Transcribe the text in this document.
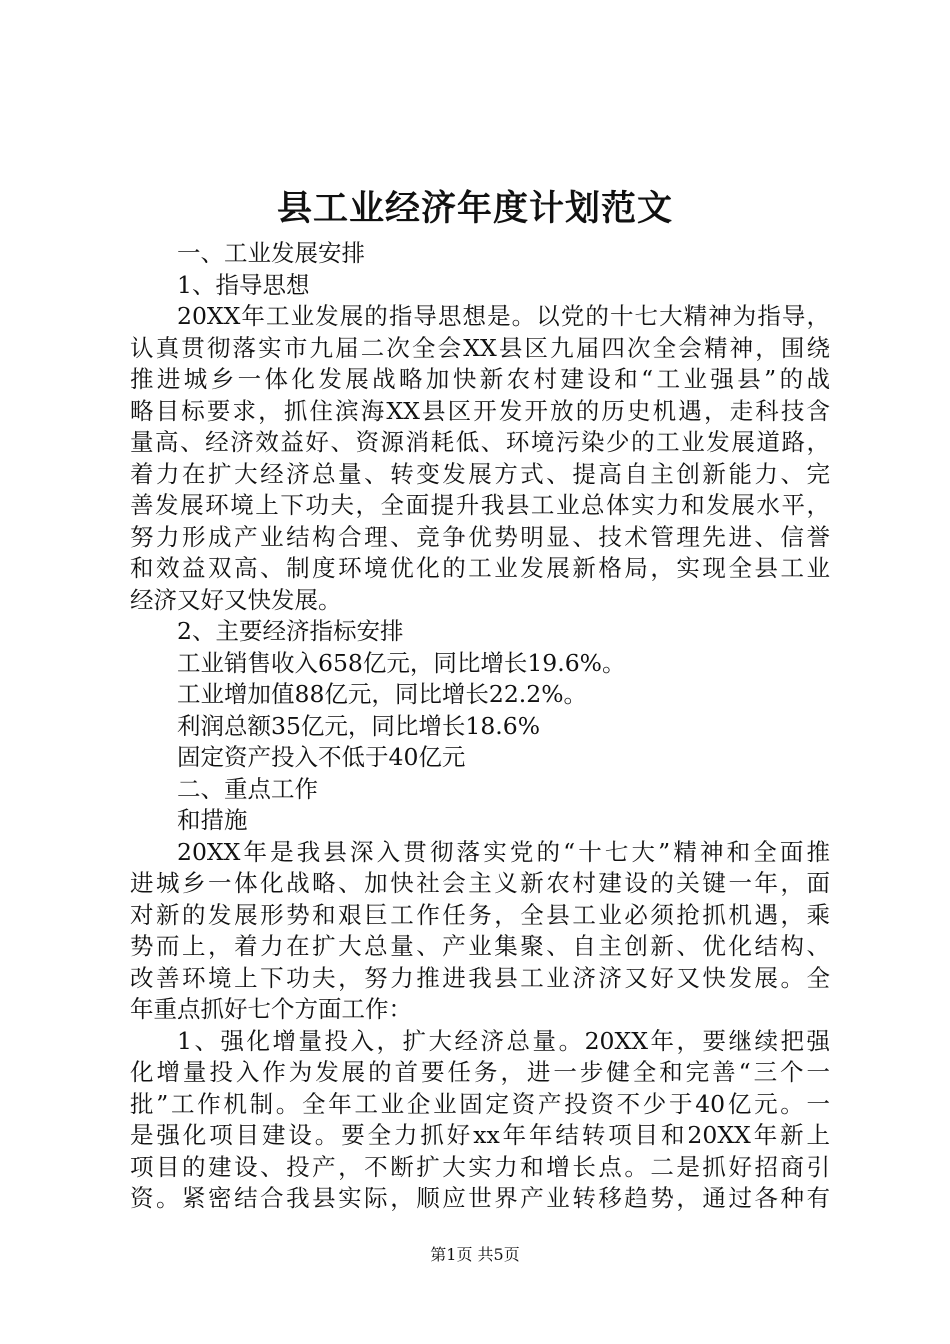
县工业经济年度计划范文
一、工业发展安排
1、指导思想
20XX年工业发展的指导思想是。以党的十七大精神为指导，
认真贯彻落实市九届二次全会XX县区九届四次全会精神，围绕
推进城乡一体化发展战略加快新农村建设和“工业强县”的战
略目标要求，抓住滨海XX县区开发开放的历史机遇，走科技含
量高、经济效益好、资源消耗低、环境污染少的工业发展道路，
着力在扩大经济总量、转变发展方式、提高自主创新能力、完
善发展环境上下功夫，全面提升我县工业总体实力和发展水平，
努力形成产业结构合理、竞争优势明显、技术管理先进、信誉
和效益双高、制度环境优化的工业发展新格局，实现全县工业
经济又好又快发展。
2、主要经济指标安排
工业销售收入658亿元，同比增长19.6%。
工业增加值88亿元，同比增长22.2%。
利润总额35亿元，同比增长18.6%
固定资产投入不低于40亿元
二、重点工作
和措施
20XX年是我县深入贯彻落实党的“十七大”精神和全面推
进城乡一体化战略、加快社会主义新农村建设的关键一年，面
对新的发展形势和艰巨工作任务，全县工业必须抢抓机遇，乘
势而上，着力在扩大总量、产业集聚、自主创新、优化结构、
改善环境上下功夫，努力推进我县工业济济又好又快发展。全
年重点抓好七个方面工作：
1、强化增量投入，扩大经济总量。20XX年，要继续把强
化增量投入作为发展的首要任务，进一步健全和完善“三个一
批”工作机制。全年工业企业固定资产投资不少于40亿元。一
是强化项目建设。要全力抓好xx年年结转项目和20XX年新上
项目的建设、投产，不断扩大实力和增长点。二是抓好招商引
资。紧密结合我县实际，顺应世界产业转移趋势，通过各种有
第1页 共5页
